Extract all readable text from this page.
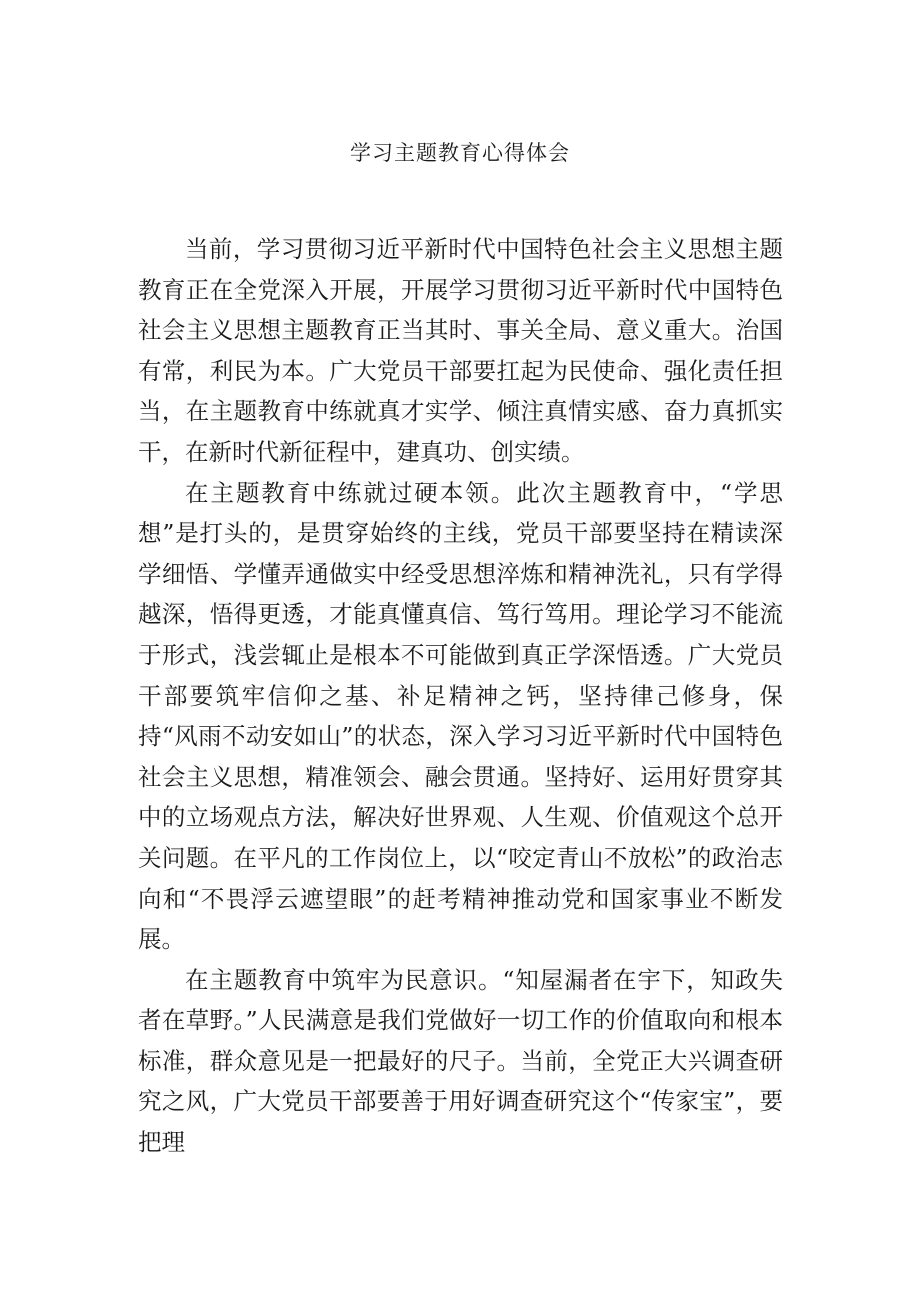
学习主题教育心得体会

当前，学习贯彻习近平新时代中国特色社会主义思想主题教育正在全党深入开展，开展学习贯彻习近平新时代中国特色社会主义思想主题教育正当其时、事关全局、意义重大。治国有常，利民为本。广大党员干部要扛起为民使命、强化责任担当，在主题教育中练就真才实学、倾注真情实感、奋力真抓实干，在新时代新征程中，建真功、创实绩。

在主题教育中练就过硬本领。此次主题教育中，“学思想”是打头的，是贯穿始终的主线，党员干部要坚持在精读深学细悟、学懂弄通做实中经受思想淬炼和精神洗礼，只有学得越深，悟得更透，才能真懂真信、笃行笃用。理论学习不能流于形式，浅尝辄止是根本不可能做到真正学深悟透。广大党员干部要筑牢信仰之基、补足精神之钙，坚持律己修身，保持“风雨不动安如山”的状态，深入学习习近平新时代中国特色社会主义思想，精准领会、融会贯通。坚持好、运用好贯穿其中的立场观点方法，解决好世界观、人生观、价值观这个总开关问题。在平凡的工作岗位上，以“咬定青山不放松”的政治志向和“不畏浮云遮望眼”的赶考精神推动党和国家事业不断发展。

在主题教育中筑牢为民意识。“知屋漏者在宇下，知政失者在草野。”人民满意是我们党做好一切工作的价值取向和根本标准，群众意见是一把最好的尺子。当前，全党正大兴调查研究之风，广大党员干部要善于用好调查研究这个“传家宝”，要把理
